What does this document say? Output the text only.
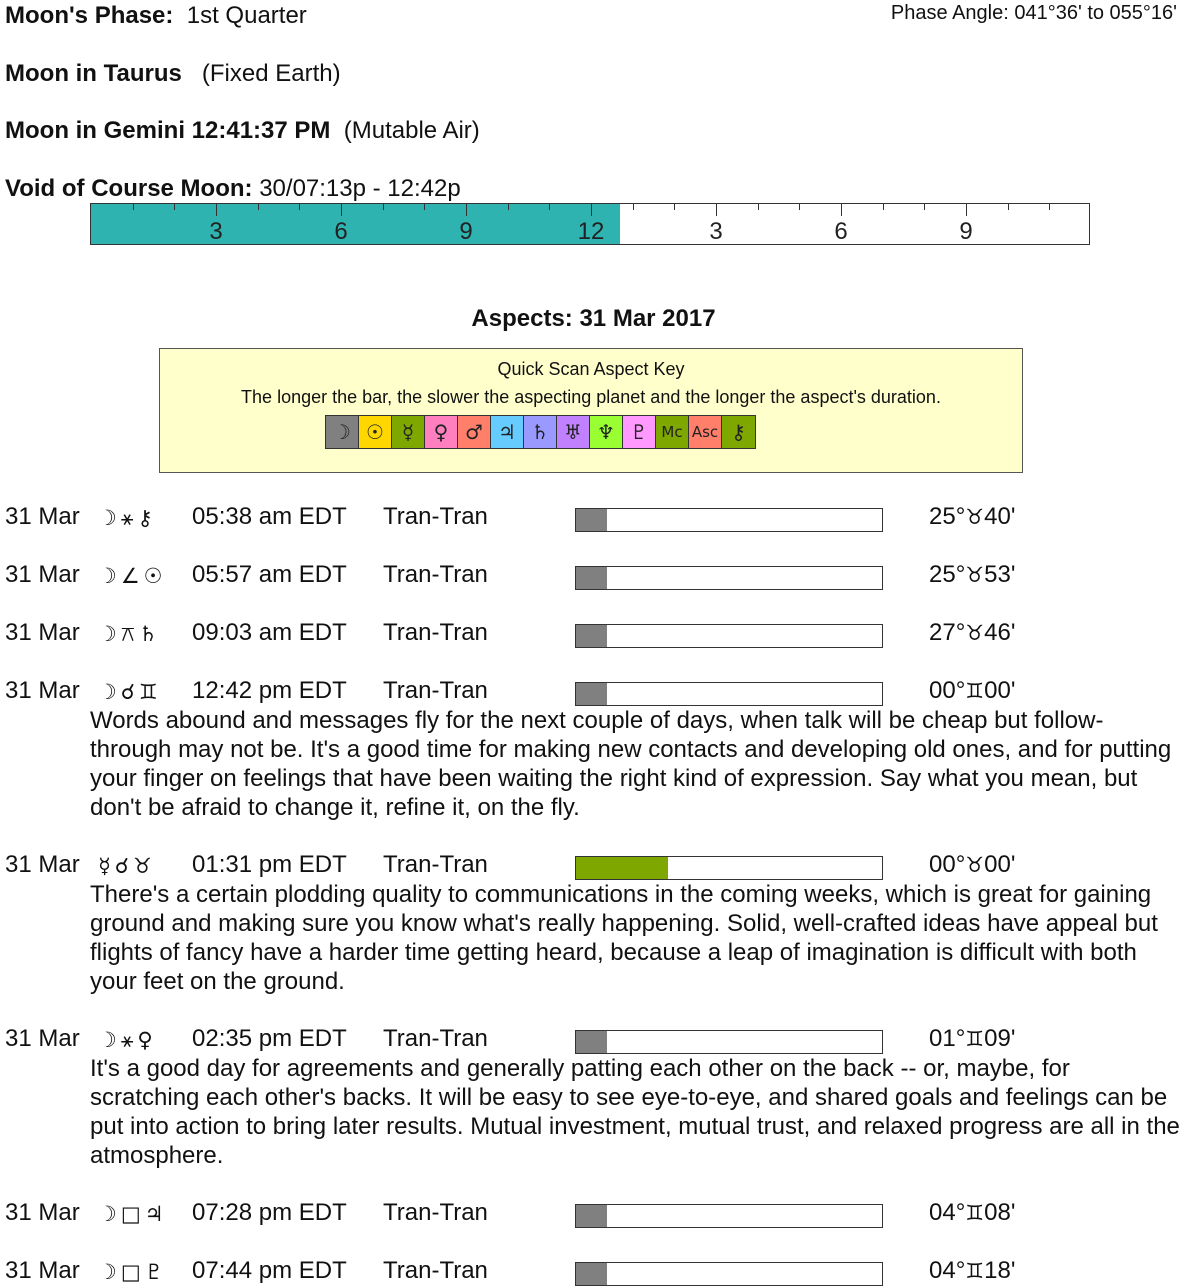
Moon's Phase: 1st Quarter	Phase Angle: 041°36' to 055°16'
Moon in Taurus (Fixed Earth)
Moon in Gemini 12:41:37 PM (Mutable Air)
Void of Course Moon: 30/07:13p - 12:42p
3	6	9	12	3	6	9
Aspects: 31 Mar 2017
Quick Scan Aspect Key
The longer the bar, the slower the aspecting planet and the longer the aspect's duration.
☽ ☉ ☿ ♀ ♂ ♃ ♄ ♅ ♆ ♇ Mc Asc ⚷
31 Mar ☽⚹⚷ 05:38 am EDT Tran-Tran	25°♉40'
31 Mar ☽∠☉ 05:57 am EDT Tran-Tran	25°♉53'
31 Mar ☽⚻♄ 09:03 am EDT Tran-Tran	27°♉46'
31 Mar ☽☌♊ 12:42 pm EDT Tran-Tran	00°♊00'
Words abound and messages fly for the next couple of days, when talk will be cheap but follow-through may not be. It's a good time for making new contacts and developing old ones, and for putting your finger on feelings that have been waiting the right kind of expression. Say what you mean, but don't be afraid to change it, refine it, on the fly.
31 Mar ☿☌♉ 01:31 pm EDT Tran-Tran	00°♉00'
There's a certain plodding quality to communications in the coming weeks, which is great for gaining ground and making sure you know what's really happening. Solid, well-crafted ideas have appeal but flights of fancy have a harder time getting heard, because a leap of imagination is difficult with both your feet on the ground.
31 Mar ☽⚹♀ 02:35 pm EDT Tran-Tran	01°♊09'
It's a good day for agreements and generally patting each other on the back -- or, maybe, for scratching each other's backs. It will be easy to see eye-to-eye, and shared goals and feelings can be put into action to bring later results. Mutual investment, mutual trust, and relaxed progress are all in the atmosphere.
31 Mar ☽□♃ 07:28 pm EDT Tran-Tran	04°♊08'
31 Mar ☽□♇ 07:44 pm EDT Tran-Tran	04°♊18'
